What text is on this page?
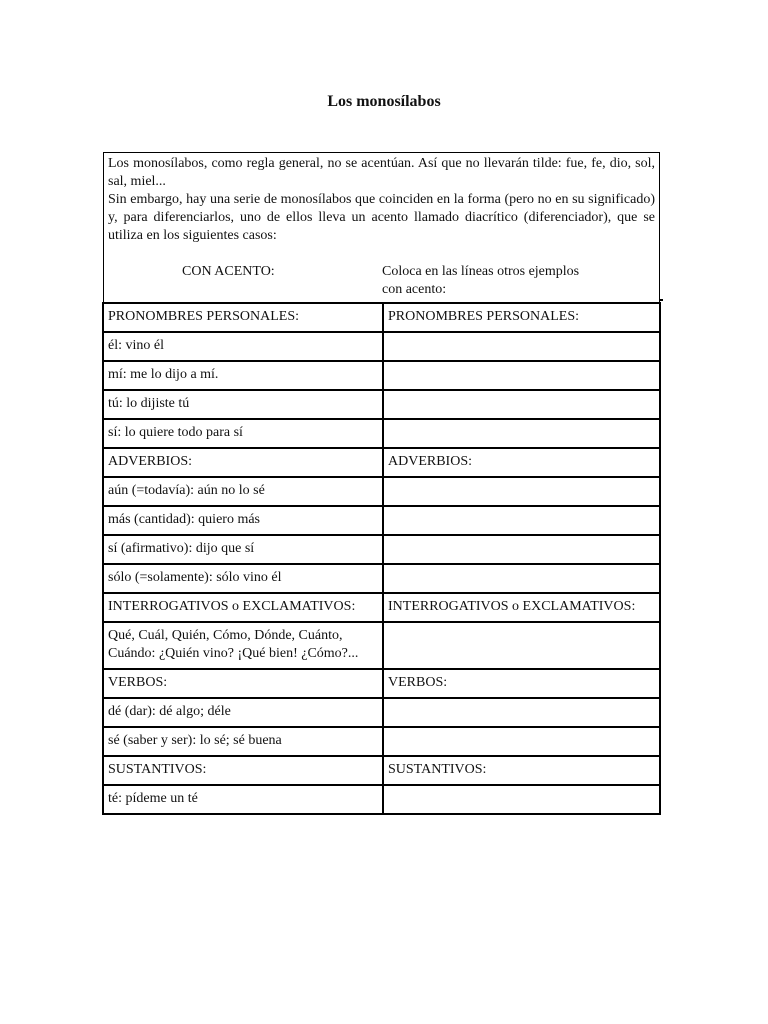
Los monosílabos

Los monosílabos, como regla general, no se acentúan. Así que no llevarán tilde: fue, fe, dio, sol, sal, miel...

Sin embargo, hay una serie de monosílabos que coinciden en la forma (pero no en su significado) y, para diferenciarlos, uno de ellos lleva un acento llamado diacrítico (diferenciador), que se utiliza en los siguientes casos:

CON ACENTO:	Coloca en las líneas otros ejemplos
con acento:
PRONOMBRES PERSONALES:	PRONOMBRES PERSONALES:
él: vino él	
mí: me lo dijo a mí.	
tú: lo dijiste tú	
sí: lo quiere todo para sí	
ADVERBIOS:	ADVERBIOS:
aún (=todavía): aún no lo sé	
más (cantidad): quiero más	
sí (afirmativo): dijo que sí	
sólo (=solamente): sólo vino él	
INTERROGATIVOS o EXCLAMATIVOS:	INTERROGATIVOS o EXCLAMATIVOS:
Qué, Cuál, Quién, Cómo, Dónde, Cuánto, Cuándo: ¿Quién vino? ¡Qué bien! ¿Cómo?...	
VERBOS:	VERBOS:
dé (dar): dé algo; déle	
sé (saber y ser): lo sé; sé buena	
SUSTANTIVOS:	SUSTANTIVOS:
té: pídeme un té	
